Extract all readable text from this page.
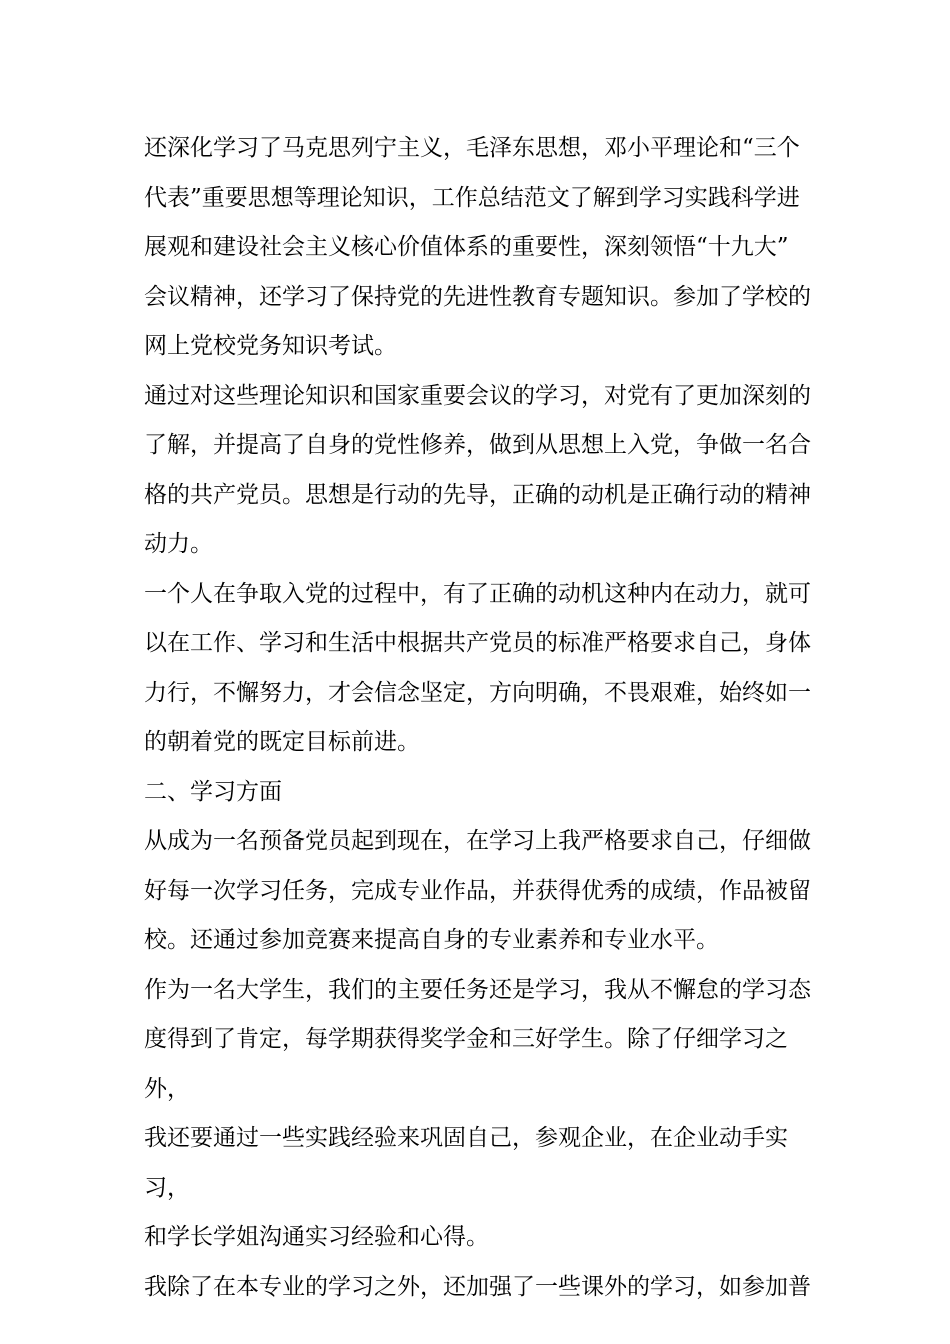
还深化学习了马克思列宁主义，毛泽东思想，邓小平理论和“三个
代表”重要思想等理论知识，工作总结范文了解到学习实践科学进
展观和建设社会主义核心价值体系的重要性，深刻领悟“十九大”
会议精神，还学习了保持党的先进性教育专题知识。参加了学校的
网上党校党务知识考试。

通过对这些理论知识和国家重要会议的学习，对党有了更加深刻的
了解，并提高了自身的党性修养，做到从思想上入党，争做一名合
格的共产党员。思想是行动的先导，正确的动机是正确行动的精神
动力。

一个人在争取入党的过程中，有了正确的动机这种内在动力，就可
以在工作、学习和生活中根据共产党员的标准严格要求自己，身体
力行，不懈努力，才会信念坚定，方向明确，不畏艰难，始终如一
的朝着党的既定目标前进。

二、学习方面

从成为一名预备党员起到现在，在学习上我严格要求自己，仔细做
好每一次学习任务，完成专业作品，并获得优秀的成绩，作品被留
校。还通过参加竞赛来提高自身的专业素养和专业水平。

作为一名大学生，我们的主要任务还是学习，我从不懈怠的学习态
度得到了肯定，每学期获得奖学金和三好学生。除了仔细学习之外，
我还要通过一些实践经验来巩固自己，参观企业，在企业动手实习，
和学长学姐沟通实习经验和心得。

我除了在本专业的学习之外，还加强了一些课外的学习，如参加普
